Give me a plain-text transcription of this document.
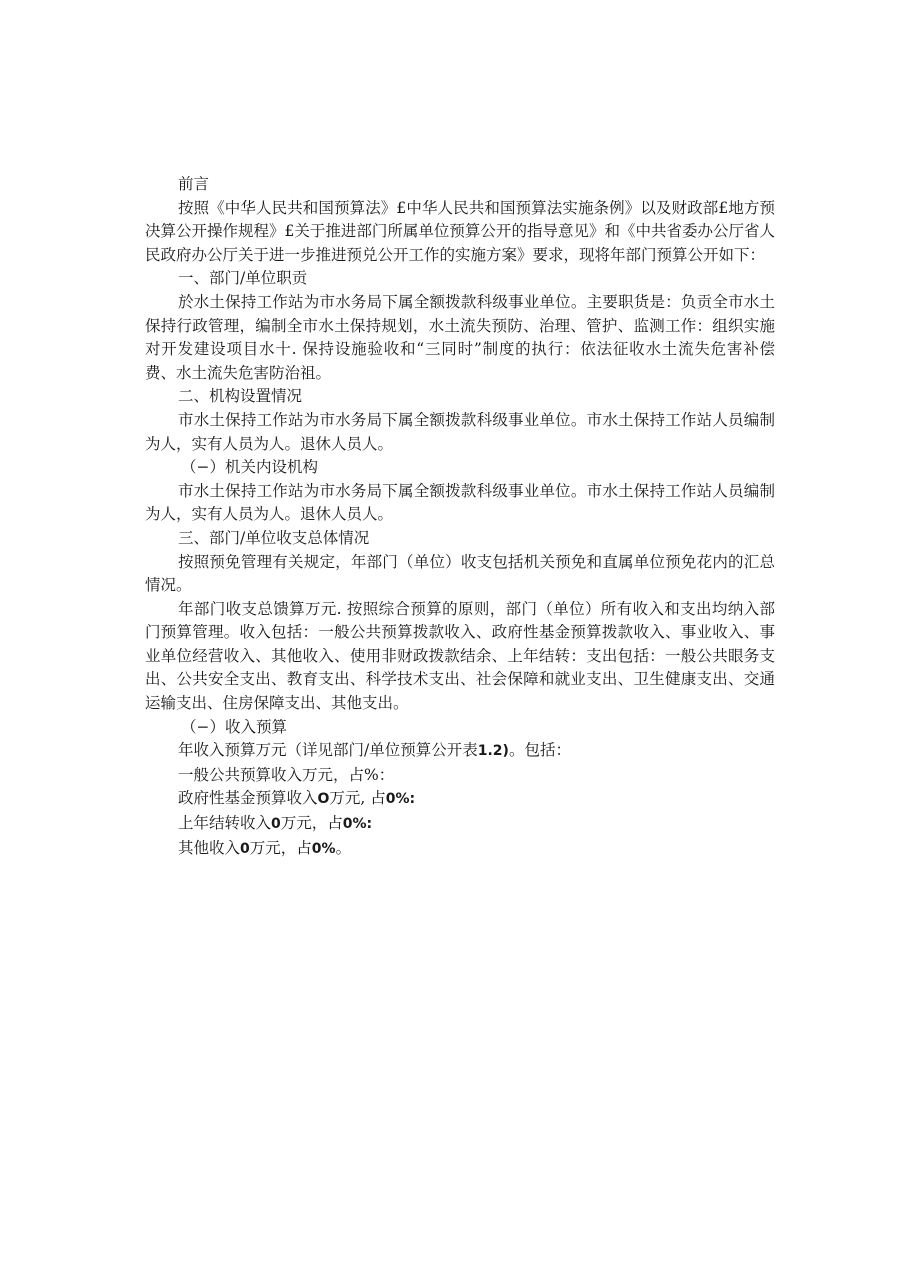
前言

按照《中华人民共和国预算法》£中华人民共和国预算法实施条例》以及财政部£地方预决算公开操作规程》£关于推进部门所属单位预算公开的指导意见》和《中共省委办公厅省人民政府办公厅关于进一步推进预兑公开工作的实施方案》要求，现将年部门预算公开如下：

一、部门/单位职贡

於水土保持工作站为市水务局下属全额拨款科级事业单位。主要职货是：负贡全市水土保持行政管理，编制全市水土保持规划，水土流失预防、治理、管护、监测工作：组织实施对开发建设项目水十. 保持设施验收和“三同时”制度的执行：依法征收水土流失危害补偿费、水土流失危害防治祖。

二、机构设置情况

市水土保持工作站为市水务局下属全额拨款科级事业单位。市水土保持工作站人员编制为人，实有人员为人。退休人员人。

（−）机关内设机构

市水土保持工作站为市水务局下属全额拨款科级事业单位。市水土保持工作站人员编制为人，实有人员为人。退休人员人。

三、部门/单位收支总体情况

按照预免管理有关规定，年部门（单位）收支包括机关预免和直属单位预免花内的汇总情况。

年部门收支总馈算万元. 按照综合预算的原则，部门（单位）所有收入和支出均纳入部门预算管理。收入包括：一般公共预算拨款收入、政府性基金预算拨款收入、事业收入、事业单位经营收入、其他收入、使用非财政拨款结余、上年结转：支出包括：一般公共眼务支出、公共安全支出、教育支出、科学技术支出、社会保障和就业支出、卫生健康支出、交通运输支出、住房保障支出、其他支出。

（−）收入预算

年收入预算万元（详见部门/单位预算公开表1.2)。包括：

一般公共预算收入万元，占%：

政府性基金预算收入O万元, 占0%:

上年结转收入0万元，占0%:

其他收入0万元，占0%。
